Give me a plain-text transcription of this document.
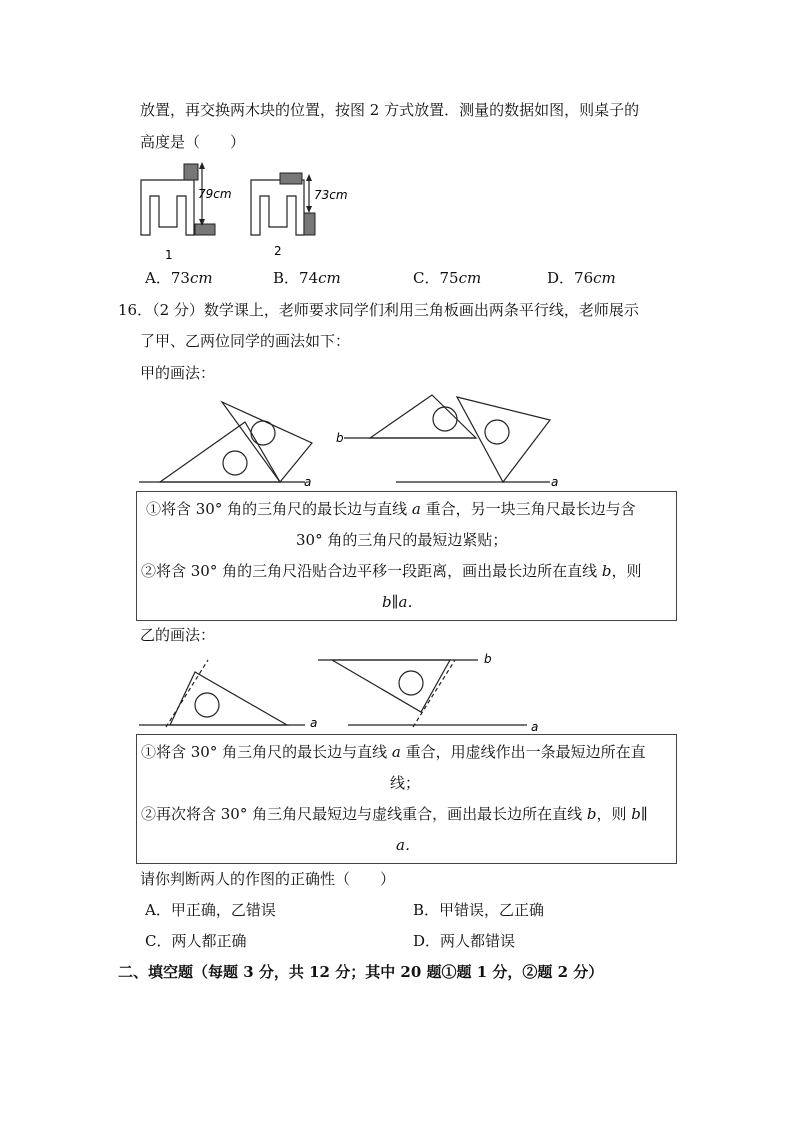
放置，再交换两木块的位置，按图 2 方式放置．测量的数据如图，则桌子的
高度是（　　）
79cm
1
73cm
2
A．73cm	B．74cm	C．75cm	D．76cm
16．（2 分）数学课上，老师要求同学们利用三角板画出两条平行线，老师展示
了甲、乙两位同学的画法如下：
甲的画法：
a	a
b
①将含 30° 角的三角尺的最长边与直线 a 重合，另一块三角尺最长边与含
30° 角的三角尺的最短边紧贴；
②将含 30° 角的三角尺沿贴合边平移一段距离，画出最长边所在直线 b，则
b∥a．
乙的画法：
a	a
b
①将含 30° 角三角尺的最长边与直线 a 重合，用虚线作出一条最短边所在直
线；
②再次将含 30° 角三角尺最短边与虚线重合，画出最长边所在直线 b，则 b∥
a．
请你判断两人的作图的正确性（　　）
A．甲正确，乙错误	B．甲错误，乙正确
C．两人都正确	D．两人都错误
二、填空题（每题 3 分，共 12 分；其中 20 题①题 1 分，②题 2 分）
